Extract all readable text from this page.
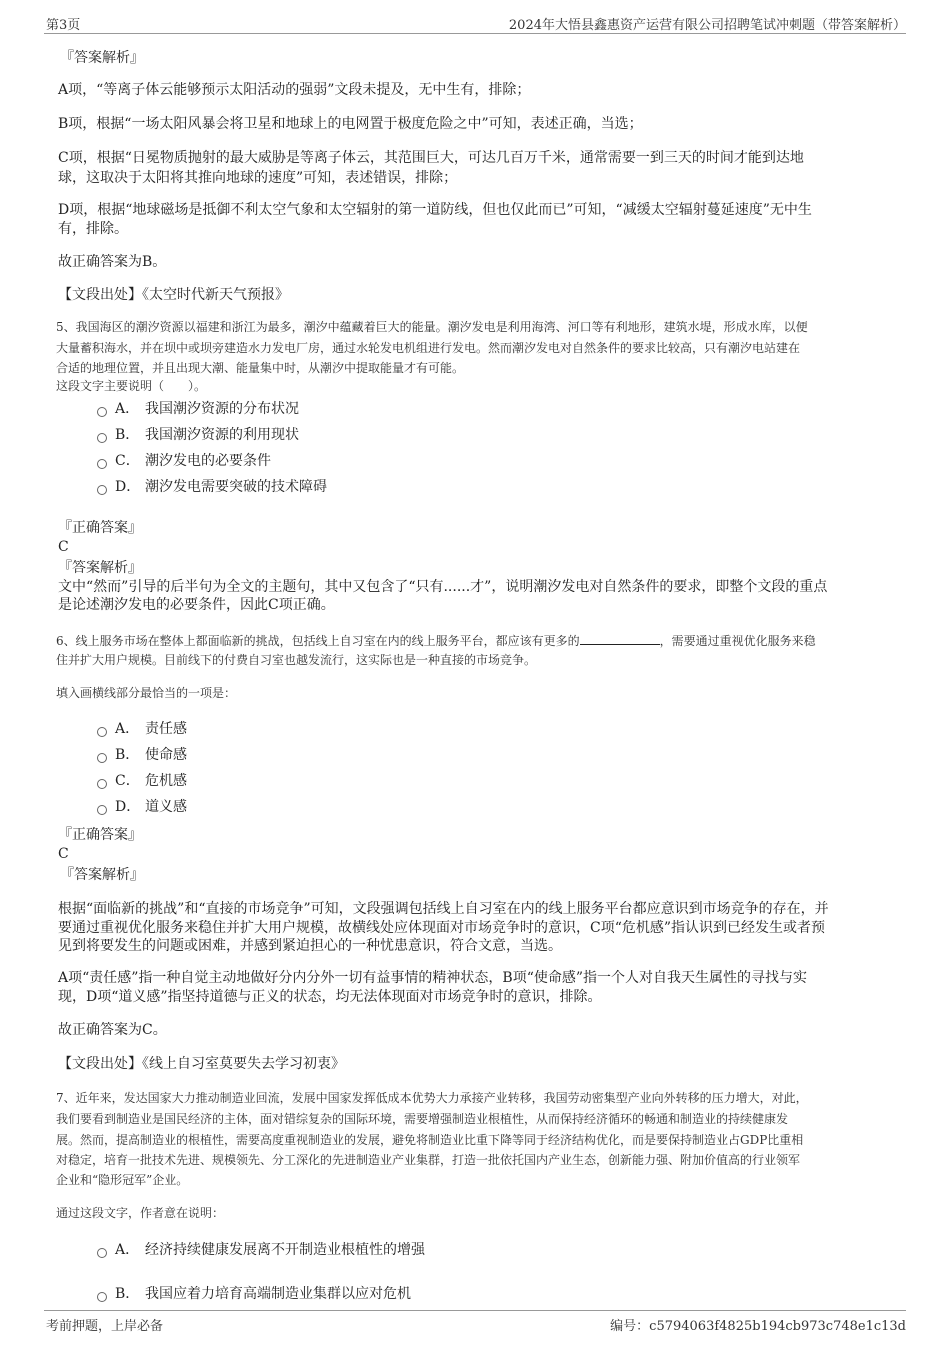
第3页	2024年大悟县鑫惠资产运营有限公司招聘笔试冲刺题（带答案解析）
『答案解析』
A项，“等离子体云能够预示太阳活动的强弱”文段未提及，无中生有，排除；
B项，根据“一场太阳风暴会将卫星和地球上的电网置于极度危险之中”可知，表述正确，当选；
C项，根据“日冕物质抛射的最大威胁是等离子体云，其范围巨大，可达几百万千米，通常需要一到三天的时间才能到达地
球，这取决于太阳将其推向地球的速度”可知，表述错误，排除；
D项，根据“地球磁场是抵御不利太空气象和太空辐射的第一道防线，但也仅此而已”可知，“减缓太空辐射蔓延速度”无中生
有，排除。
故正确答案为B。
【文段出处】《太空时代新天气预报》
5、我国海区的潮汐资源以福建和浙江为最多，潮汐中蕴藏着巨大的能量。潮汐发电是利用海湾、河口等有利地形，建筑水堤，形成水库，以便
大量蓄积海水，并在坝中或坝旁建造水力发电厂房，通过水轮发电机组进行发电。然而潮汐发电对自然条件的要求比较高，只有潮汐电站建在
合适的地理位置，并且出现大潮、能量集中时，从潮汐中提取能量才有可能。
这段文字主要说明（　　）。
A． 我国潮汐资源的分布状况
B． 我国潮汐资源的利用现状
C． 潮汐发电的必要条件
D． 潮汐发电需要突破的技术障碍
『正确答案』
C
『答案解析』
文中“然而”引导的后半句为全文的主题句，其中又包含了“只有......才”，说明潮汐发电对自然条件的要求，即整个文段的重点
是论述潮汐发电的必要条件，因此C项正确。
6、线上服务市场在整体上都面临新的挑战，包括线上自习室在内的线上服务平台，都应该有更多的	，需要通过重视优化服务来稳
住并扩大用户规模。目前线下的付费自习室也越发流行，这实际也是一种直接的市场竞争。
填入画横线部分最恰当的一项是：
A． 责任感
B． 使命感
C． 危机感
D． 道义感
『正确答案』
C
『答案解析』
根据“面临新的挑战”和“直接的市场竞争”可知，文段强调包括线上自习室在内的线上服务平台都应意识到市场竞争的存在，并
要通过重视优化服务来稳住并扩大用户规模，故横线处应体现面对市场竞争时的意识，C项“危机感”指认识到已经发生或者预
见到将要发生的问题或困难，并感到紧迫担心的一种忧患意识，符合文意，当选。
A项“责任感”指一种自觉主动地做好分内分外一切有益事情的精神状态，B项“使命感”指一个人对自我天生属性的寻找与实
现，D项“道义感”指坚持道德与正义的状态，均无法体现面对市场竞争时的意识，排除。
故正确答案为C。
【文段出处】《线上自习室莫要失去学习初衷》
7、近年来，发达国家大力推动制造业回流，发展中国家发挥低成本优势大力承接产业转移，我国劳动密集型产业向外转移的压力增大，对此，
我们要看到制造业是国民经济的主体，面对错综复杂的国际环境，需要增强制造业根植性，从而保持经济循环的畅通和制造业的持续健康发
展。然而，提高制造业的根植性，需要高度重视制造业的发展，避免将制造业比重下降等同于经济结构优化，而是要保持制造业占GDP比重相
对稳定，培育一批技术先进、规模领先、分工深化的先进制造业产业集群，打造一批依托国内产业生态，创新能力强、附加价值高的行业领军
企业和“隐形冠军”企业。
通过这段文字，作者意在说明：
A． 经济持续健康发展离不开制造业根植性的增强
B． 我国应着力培育高端制造业集群以应对危机
考前押题，上岸必备	编号：c5794063f4825b194cb973c748e1c13d
